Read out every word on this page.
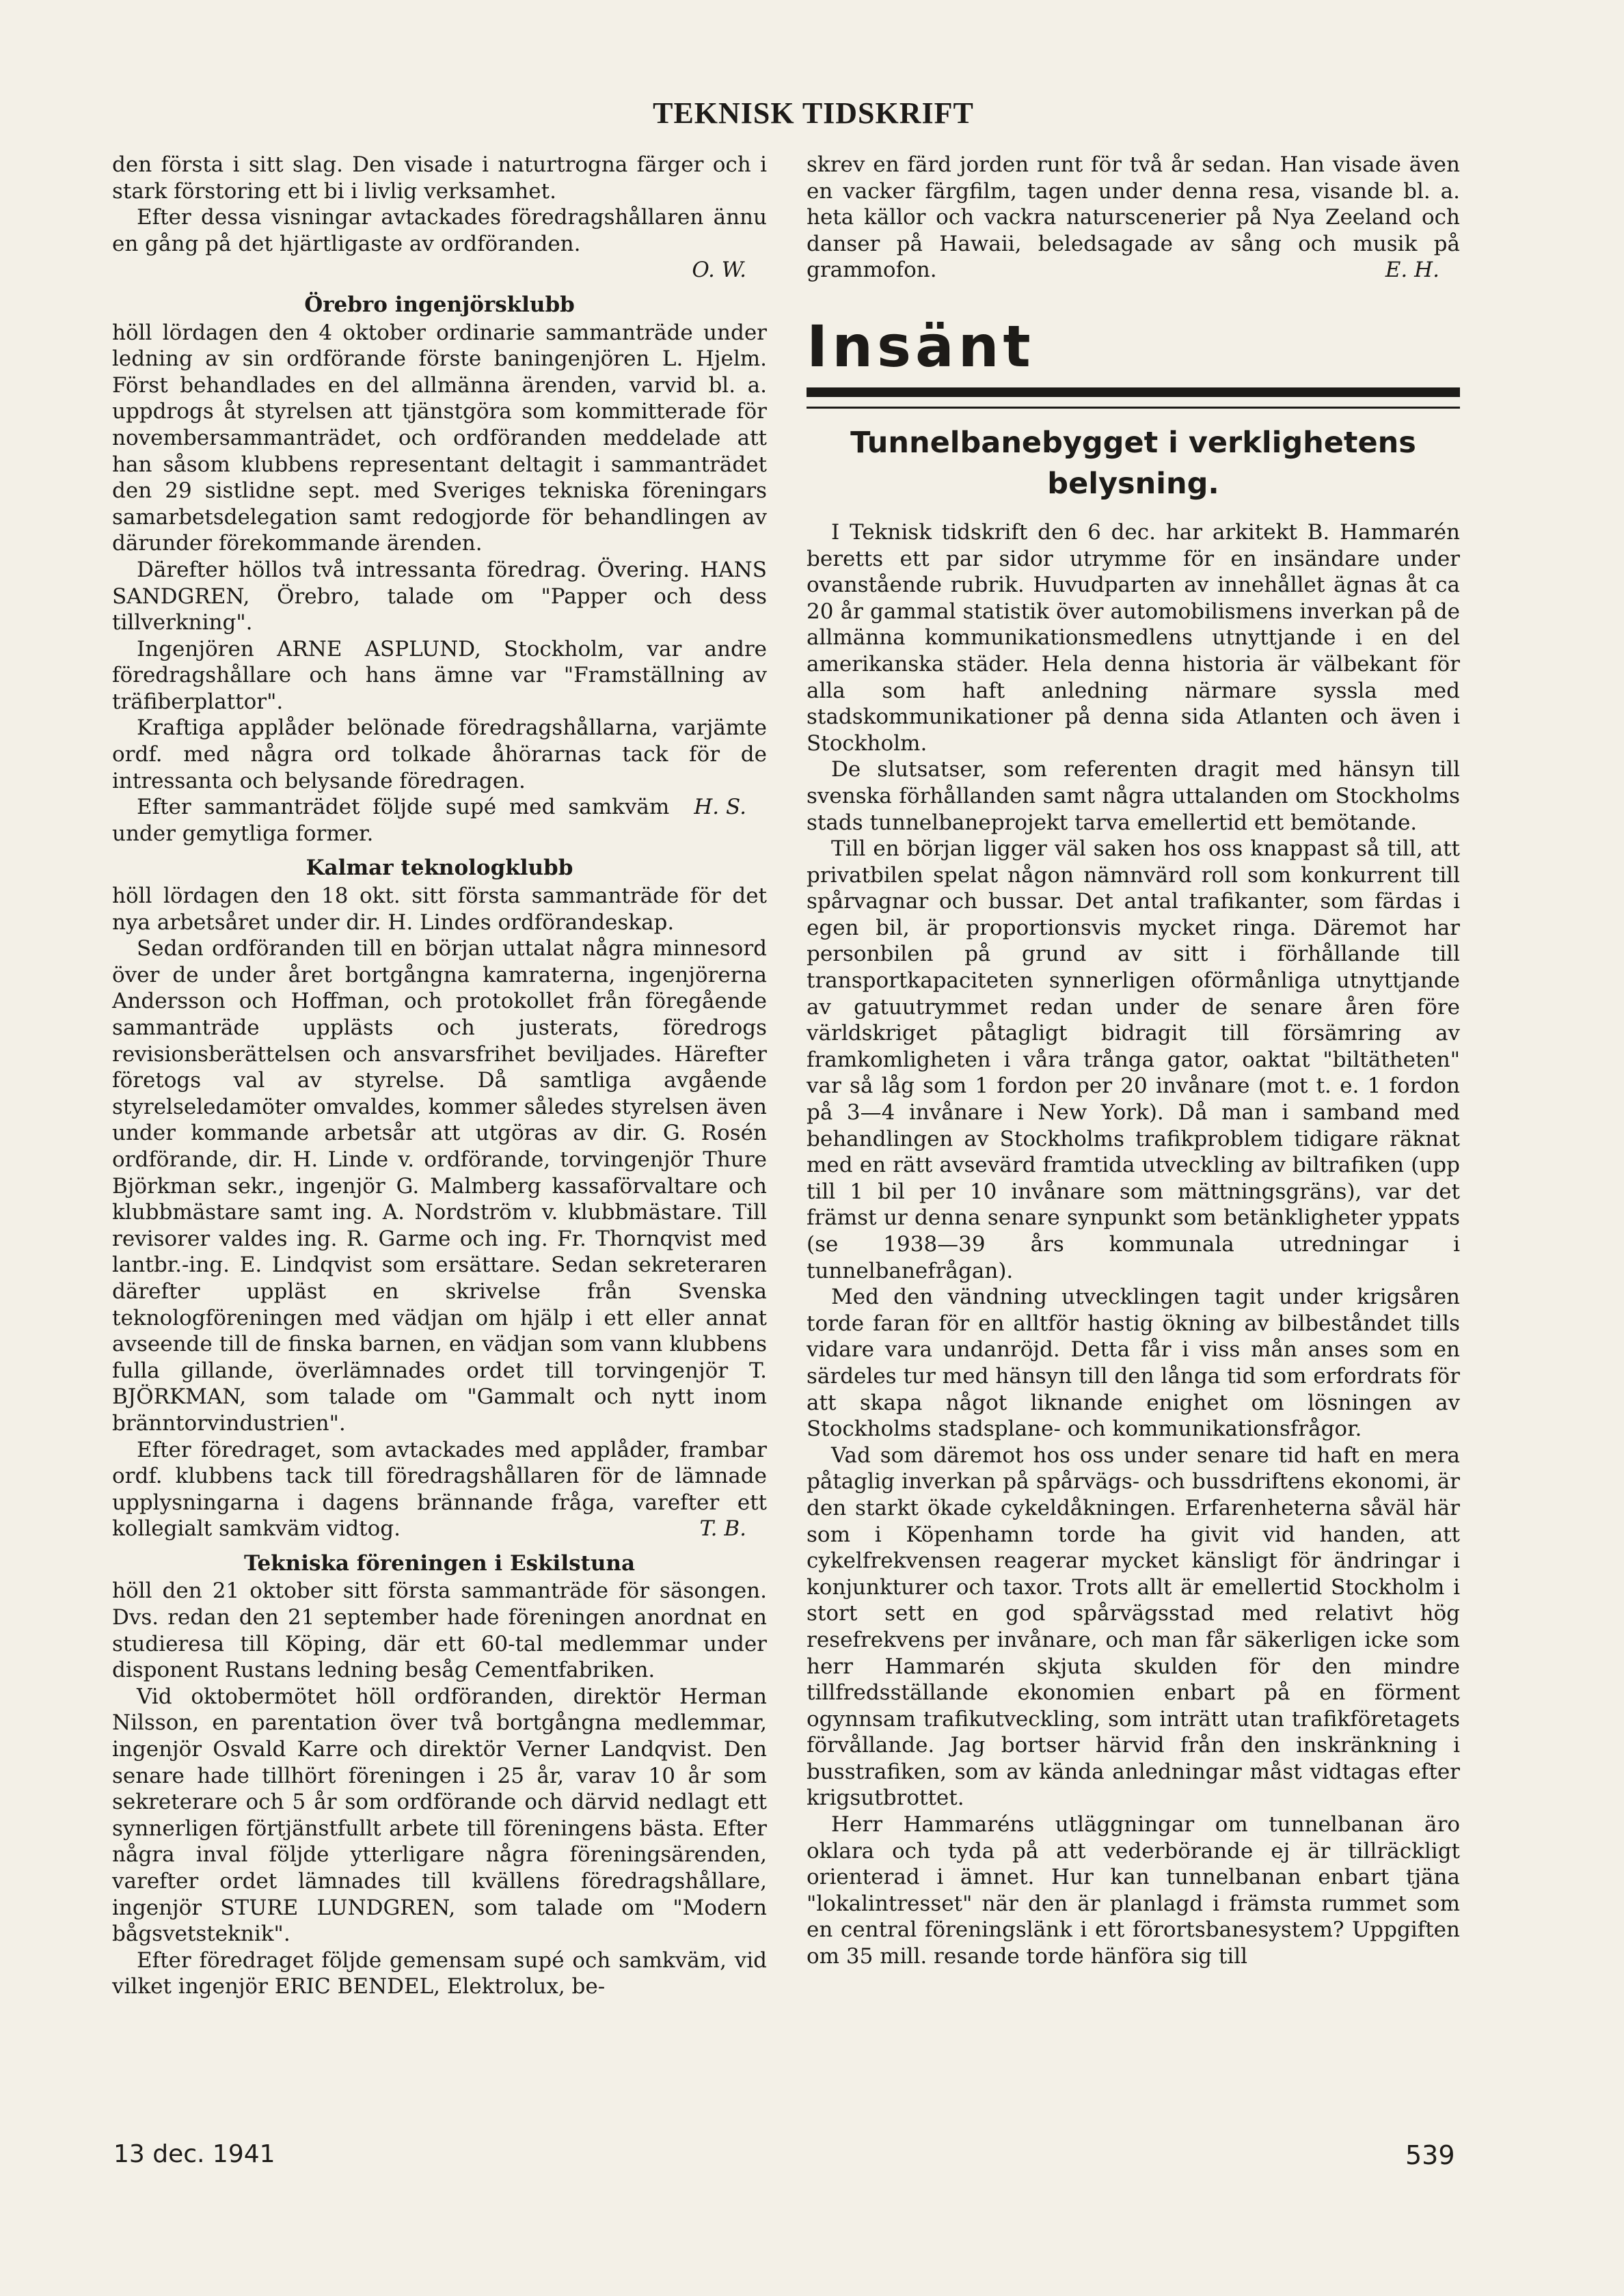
TEKNISK TIDSKRIFT

den första i sitt slag. Den visade i naturtrogna färger och i stark förstoring ett bi i livlig verksamhet.

Efter dessa visningar avtackades föredragshållaren ännu en gång på det hjärtligaste av ordföranden.

O. W.

Örebro ingenjörsklubb

höll lördagen den 4 oktober ordinarie sammanträde under ledning av sin ordförande förste baningenjören L. Hjelm. Först behandlades en del allmänna ärenden, varvid bl. a. uppdrogs åt styrelsen att tjänstgöra som kommitterade för novembersammanträdet, och ordföranden meddelade att han såsom klubbens representant deltagit i sammanträdet den 29 sistlidne sept. med Sveriges tekniska föreningars samarbetsdelegation samt redogjorde för behandlingen av därunder förekommande ärenden.

Därefter höllos två intressanta föredrag. Övering. HANS SANDGREN, Örebro, talade om "Papper och dess tillverkning".

Ingenjören ARNE ASPLUND, Stockholm, var andre föredragshållare och hans ämne var "Framställning av träfiberplattor".

Kraftiga applåder belönade föredragshållarna, varjämte ordf. med några ord tolkade åhörarnas tack för de intressanta och belysande föredragen.

H. S.
Efter sammanträdet följde supé med samkväm under gemytliga former.

Kalmar teknologklubb

höll lördagen den 18 okt. sitt första sammanträde för det nya arbetsåret under dir. H. Lindes ordförandeskap.

Sedan ordföranden till en början uttalat några minnesord över de under året bortgångna kamraterna, ingenjörerna Andersson och Hoffman, och protokollet från föregående sammanträde upplästs och justerats, föredrogs revisionsberättelsen och ansvarsfrihet beviljades. Härefter företogs val av styrelse. Då samtliga avgående styrelseledamöter omvaldes, kommer således styrelsen även under kommande arbetsår att utgöras av dir. G. Rosén ordförande, dir. H. Linde v. ordförande, torvingenjör Thure Björkman sekr., ingenjör G. Malmberg kassaförvaltare och klubbmästare samt ing. A. Nordström v. klubbmästare. Till revisorer valdes ing. R. Garme och ing. Fr. Thornqvist med lantbr.-ing. E. Lindqvist som ersättare. Sedan sekreteraren därefter uppläst en skrivelse från Svenska teknologföreningen med vädjan om hjälp i ett eller annat avseende till de finska barnen, en vädjan som vann klubbens fulla gillande, överlämnades ordet till torvingenjör T. BJÖRKMAN, som talade om "Gammalt och nytt inom bränntorvindustrien".

Efter föredraget, som avtackades med applåder, frambar ordf. klubbens tack till föredragshållaren för de lämnade upplysningarna i dagens brännande fråga, varefter ett kollegialt samkväm vidtog.	T. B.

Tekniska föreningen i Eskilstuna

höll den 21 oktober sitt första sammanträde för säsongen. Dvs. redan den 21 september hade föreningen anordnat en studieresa till Köping, där ett 60-tal medlemmar under disponent Rustans ledning besåg Cementfabriken.

Vid oktobermötet höll ordföranden, direktör Herman Nilsson, en parentation över två bortgångna medlemmar, ingenjör Osvald Karre och direktör Verner Landqvist. Den senare hade tillhört föreningen i 25 år, varav 10 år som sekreterare och 5 år som ordförande och därvid nedlagt ett synnerligen förtjänstfullt arbete till föreningens bästa. Efter några inval följde ytterligare några föreningsärenden, varefter ordet lämnades till kvällens föredragshållare, ingenjör STURE LUNDGREN, som talade om "Modern bågsvetsteknik".

Efter föredraget följde gemensam supé och samkväm, vid vilket ingenjör ERIC BENDEL, Elektrolux, be-

skrev en färd jorden runt för två år sedan. Han visade även en vacker färgfilm, tagen under denna resa, visande bl. a. heta källor och vackra naturscenerier på Nya Zeeland och danser på Hawaii, beledsagade av sång och musik på grammofon.	E. H.

Insänt
Tunnelbanebygget i verklighetens belysning.

I Teknisk tidskrift den 6 dec. har arkitekt B. Hammarén beretts ett par sidor utrymme för en insändare under ovanstående rubrik. Huvudparten av innehållet ägnas åt ca 20 år gammal statistik över automobilismens inverkan på de allmänna kommunikationsmedlens utnyttjande i en del amerikanska städer. Hela denna historia är välbekant för alla som haft anledning närmare syssla med stadskommunikationer på denna sida Atlanten och även i Stockholm.

De slutsatser, som referenten dragit med hänsyn till svenska förhållanden samt några uttalanden om Stockholms stads tunnelbaneprojekt tarva emellertid ett bemötande.

Till en början ligger väl saken hos oss knappast så till, att privatbilen spelat någon nämnvärd roll som konkurrent till spårvagnar och bussar. Det antal trafikanter, som färdas i egen bil, är proportionsvis mycket ringa. Däremot har personbilen på grund av sitt i förhållande till transportkapaciteten synnerligen oförmånliga utnyttjande av gatuutrymmet redan under de senare åren före världskriget påtagligt bidragit till försämring av framkomligheten i våra trånga gator, oaktat "biltätheten" var så låg som 1 fordon per 20 invånare (mot t. e. 1 fordon på 3—4 invånare i New York). Då man i samband med behandlingen av Stockholms trafikproblem tidigare räknat med en rätt avsevärd framtida utveckling av biltrafiken (upp till 1 bil per 10 invånare som mättningsgräns), var det främst ur denna senare synpunkt som betänkligheter yppats (se 1938—39 års kommunala utredningar i tunnelbanefrågan).

Med den vändning utvecklingen tagit under krigsåren torde faran för en alltför hastig ökning av bilbeståndet tills vidare vara undanröjd. Detta får i viss mån anses som en särdeles tur med hänsyn till den långa tid som erfordrats för att skapa något liknande enighet om lösningen av Stockholms stadsplane- och kommunikationsfrågor.

Vad som däremot hos oss under senare tid haft en mera påtaglig inverkan på spårvägs- och bussdriftens ekonomi, är den starkt ökade cykeldåkningen. Erfarenheterna såväl här som i Köpenhamn torde ha givit vid handen, att cykelfrekvensen reagerar mycket känsligt för ändringar i konjunkturer och taxor. Trots allt är emellertid Stockholm i stort sett en god spårvägsstad med relativt hög resefrekvens per invånare, och man får säkerligen icke som herr Hammarén skjuta skulden för den mindre tillfredsställande ekonomien enbart på en förment ogynnsam trafikutveckling, som inträtt utan trafikföretagets förvållande. Jag bortser härvid från den inskränkning i busstrafiken, som av kända anledningar måst vidtagas efter krigsutbrottet.

Herr Hammaréns utläggningar om tunnelbanan äro oklara och tyda på att vederbörande ej är tillräckligt orienterad i ämnet. Hur kan tunnelbanan enbart tjäna "lokalintresset" när den är planlagd i främsta rummet som en central föreningslänk i ett förortsbanesystem? Uppgiften om 35 mill. resande torde hänföra sig till

13 dec. 1941	539
